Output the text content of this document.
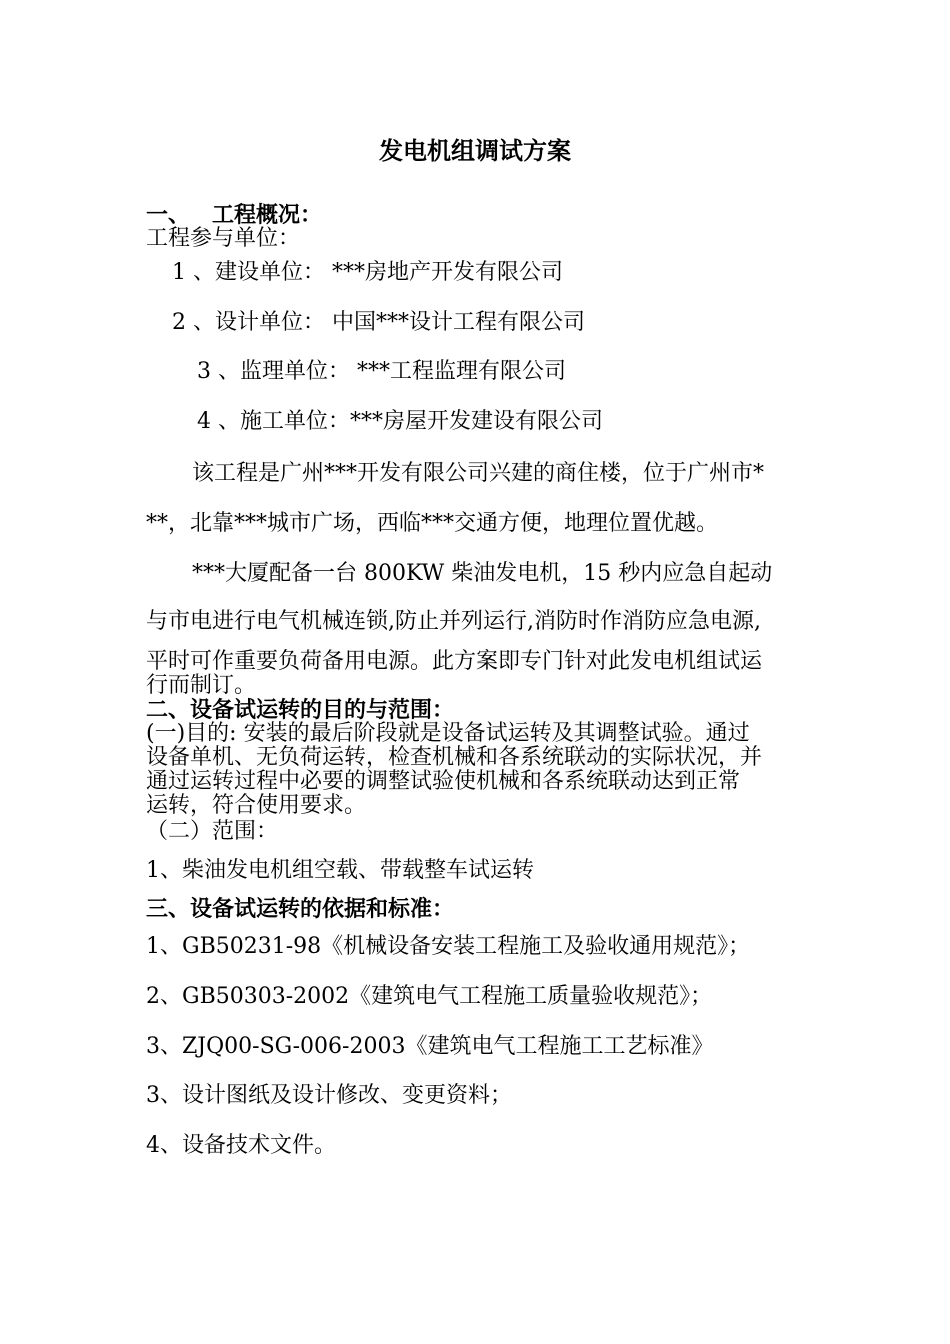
发电机组调试方案
一、 工程概况：
工程参与单位：
1 、建设单位： ***房地产开发有限公司
2 、设计单位： 中国***设计工程有限公司
3 、监理单位： ***工程监理有限公司
4 、施工单位：***房屋开发建设有限公司
该工程是广州***开发有限公司兴建的商住楼，位于广州市*
**，北靠***城市广场，西临***交通方便，地理位置优越。
***大厦配备一台 800KW 柴油发电机，15 秒内应急自起动
与市电进行电气机械连锁,防止并列运行,消防时作消防应急电源,
平时可作重要负荷备用电源。此方案即专门针对此发电机组试运
行而制订。
二、设备试运转的目的与范围：
(一)目的: 安装的最后阶段就是设备试运转及其调整试验。通过
设备单机、无负荷运转，检查机械和各系统联动的实际状况，并
通过运转过程中必要的调整试验使机械和各系统联动达到正常
运转，符合使用要求。
（二）范围：
1、柴油发电机组空载、带载整车试运转
三、设备试运转的依据和标准：
1、GB50231-98《机械设备安装工程施工及验收通用规范》；
2、GB50303-2002《建筑电气工程施工质量验收规范》；
3、ZJQ00-SG-006-2003《建筑电气工程施工工艺标准》
3、设计图纸及设计修改、变更资料；
4、设备技术文件。
